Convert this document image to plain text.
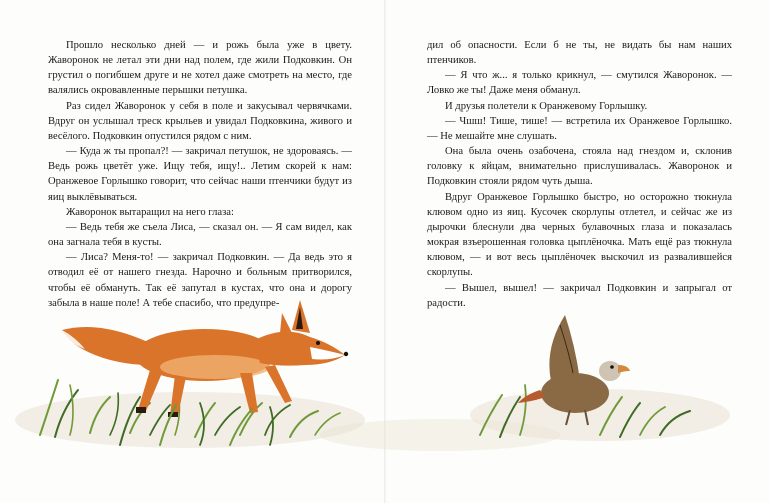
Прошло несколько дней — и рожь была уже в цвету. Жаворонок не летал эти дни над полем, где жили Подковкин. Он грустил о погибшем друге и не хотел даже смотреть на место, где валялись окровавленные перышки петушка.

Раз сидел Жаворонок у себя в поле и закусывал червячками. Вдруг он услышал треск крыльев и увидал Подковкина, живого и весёлого. Подковкин опустился рядом с ним.

— Куда ж ты пропал?! — закричал петушок, не здороваясь. — Ведь рожь цветёт уже. Ищу тебя, ищу!.. Летим скорей к нам: Оранжевое Горлышко говорит, что сейчас наши птенчики будут из яиц выклёвываться.

Жаворонок вытаращил на него глаза:

— Ведь тебя же съела Лиса, — сказал он. — Я сам видел, как она загнала тебя в кусты.

— Лиса? Меня-то! — закричал Подковкин. — Да ведь это я отводил её от нашего гнезда. Нарочно и больным притворился, чтобы её обмануть. Так её запутал в кустах, что она и дорогу забыла в наше поле! А тебе спасибо, что предупре-

дил об опасности. Если б не ты, не видать бы нам наших птенчиков.

— Я что ж... я только крикнул, — смутился Жаворонок. — Ловко же ты! Даже меня обманул.

И друзья полетели к Оранжевому Горлышку.

— Чшш! Тише, тише! — встретила их Оранжевое Горлышко. — Не мешайте мне слушать.

Она была очень озабочена, стояла над гнездом и, склонив головку к яйцам, внимательно прислушивалась. Жаворонок и Подковкин стояли рядом чуть дыша.

Вдруг Оранжевое Горлышко быстро, но осторожно тюкнула клювом одно из яиц. Кусочек скорлупы отлетел, и сейчас же из дырочки блеснули два черных булавочных глаза и показалась мокрая взъерошенная головка цыплёночка. Мать ещё раз тюкнула клювом, — и вот весь цыплёночек выскочил из развалившейся скорлупы.

— Вышел, вышел! — закричал Подковкин и запрыгал от радости.
